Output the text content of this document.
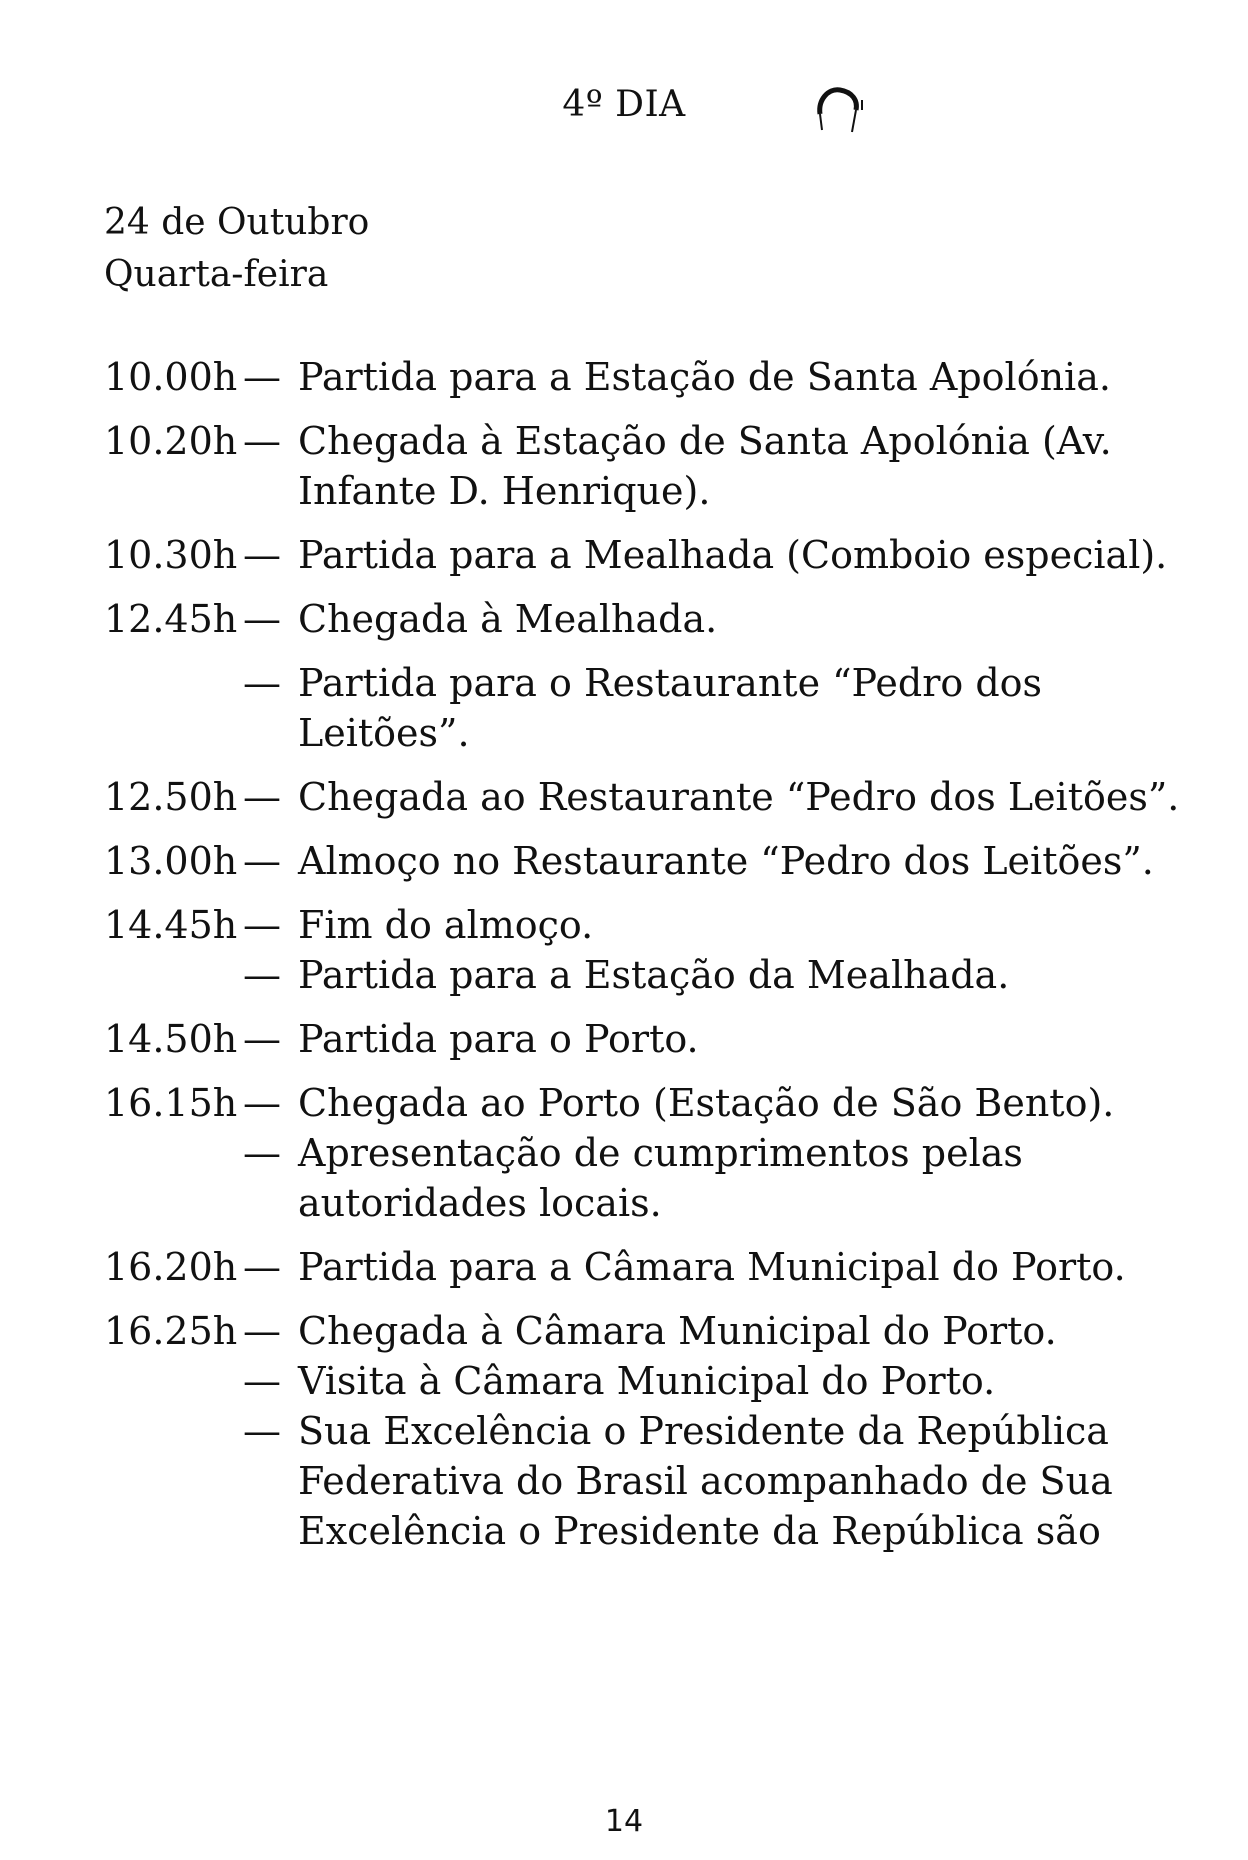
4º DIA
24 de Outubro
Quarta-feira
10.00h — Partida para a Estação de Santa Apolónia.
10.20h — Chegada à Estação de Santa Apolónia (Av. Infante D. Henrique).
10.30h — Partida para a Mealhada (Comboio especial).
12.45h — Chegada à Mealhada.
— Partida para o Restaurante “Pedro dos Leitões”.
12.50h — Chegada ao Restaurante “Pedro dos Leitões”.
13.00h — Almoço no Restaurante “Pedro dos Leitões”.
14.45h — Fim do almoço.
— Partida para a Estação da Mealhada.
14.50h — Partida para o Porto.
16.15h — Chegada ao Porto (Estação de São Bento).
— Apresentação de cumprimentos pelas autoridades locais.
16.20h — Partida para a Câmara Municipal do Porto.
16.25h — Chegada à Câmara Municipal do Porto.
— Visita à Câmara Municipal do Porto.
— Sua Excelência o Presidente da República Federativa do Brasil acompanhado de Sua Excelência o Presidente da República são
14
